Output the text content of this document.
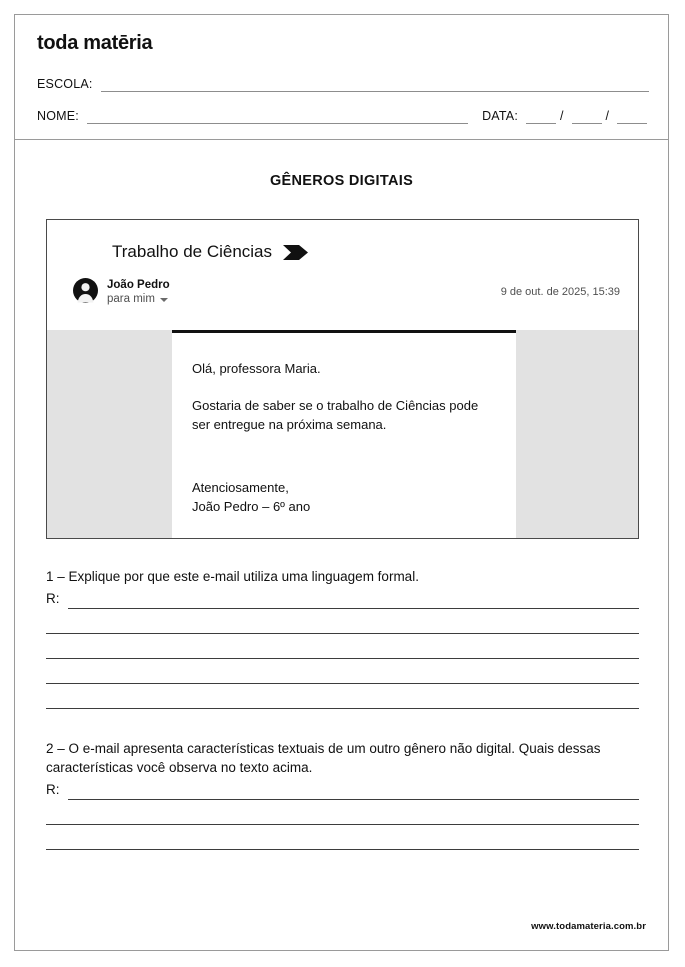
toda matēria
ESCOLA:
NOME:	DATA:	/	/
GÊNEROS DIGITAIS
Trabalho de Ciências
João Pedro
para mim
9 de out. de 2025, 15:39

Olá, professora Maria.

Gostaria de saber se o trabalho de Ciências pode ser entregue na próxima semana.

Atenciosamente,

João Pedro – 6º ano

1 – Explique por que este e-mail utiliza uma linguagem formal.

R:

2 – O e-mail apresenta características textuais de um outro gênero não digital. Quais dessas características você observa no texto acima.

R:

www.todamateria.com.br
